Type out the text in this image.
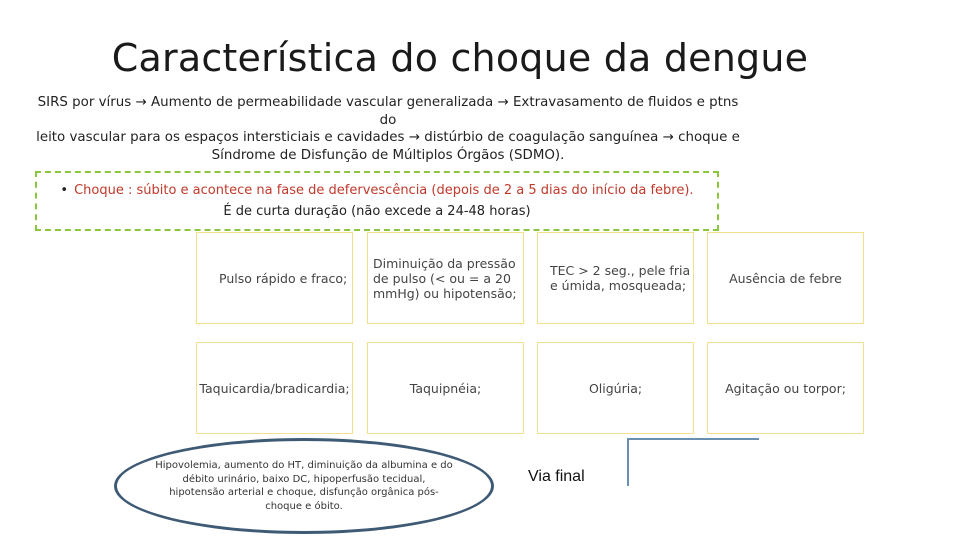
Característica do choque da dengue
SIRS por vírus → Aumento de permeabilidade vascular generalizada → Extravasamento de fluidos e ptns do
leito vascular para os espaços intersticiais e cavidades → distúrbio de coagulação sanguínea → choque e
Síndrome de Disfunção de Múltiplos Órgãos (SDMO).
• Choque : súbito e acontece na fase de defervescência (depois de 2 a 5 dias do início da febre).
É de curta duração (não excede a 24-48 horas)
Pulso rápido e fraco;
Diminuição da pressão de pulso (< ou = a 20 mmHg) ou hipotensão;
TEC > 2 seg., pele fria e úmida, mosqueada;	Ausência de febre
Taquicardia/bradicardia;	Taquipnéia;	Oligúria;	Agitação ou torpor;
Hipovolemia, aumento do HT, diminuição da albumina e do débito urinário, baixo DC, hipoperfusão tecidual, hipotensão arterial e choque, disfunção orgânica pós-choque e óbito.
Via final
